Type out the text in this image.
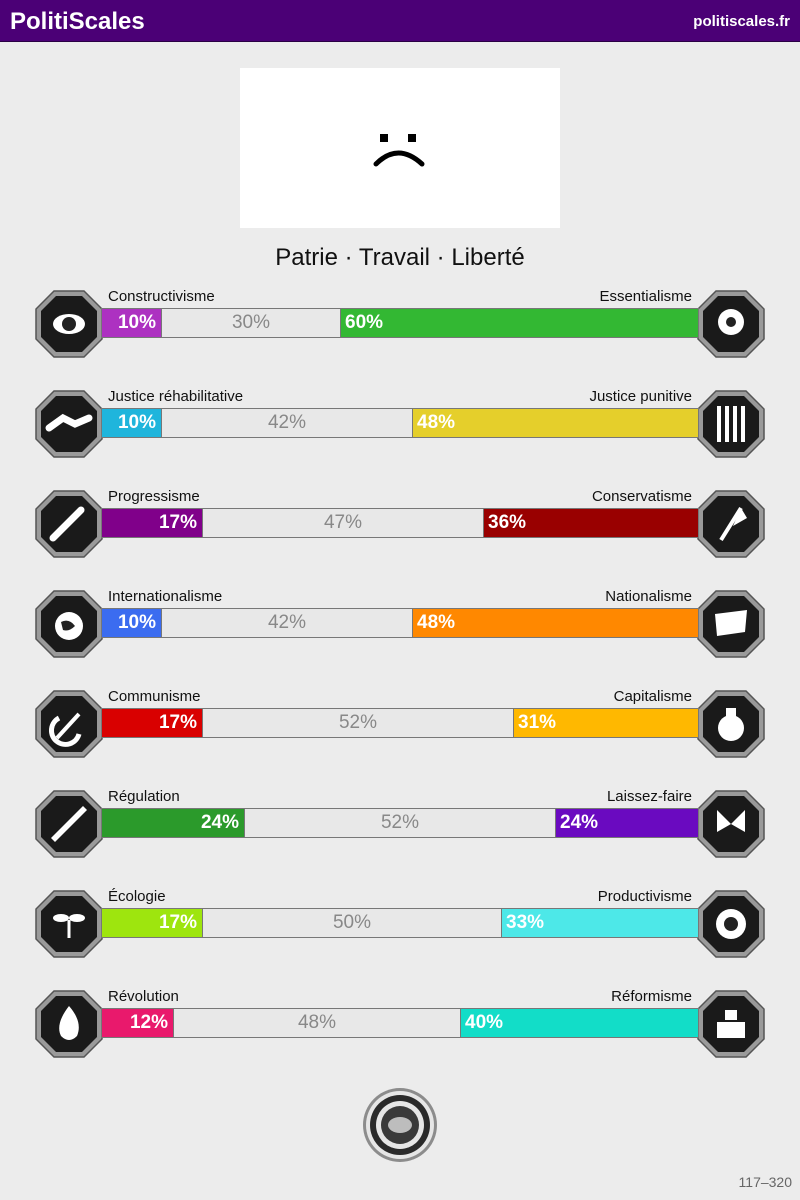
PolitiScales	politiscales.fr
Patrie · Travail · Liberté
Constructivisme	Essentialisme
10%	30%	60%
Justice réhabilitative	Justice punitive
10%	42%	48%
Progressisme	Conservatisme
17%	47%	36%
Internationalisme	Nationalisme
10%	42%	48%
Communisme	Capitalisme
17%	52%	31%
Régulation	Laissez-faire
24%	52%	24%
Écologie	Productivisme
17%	50%	33%
Révolution	Réformisme
12%	48%	40%
117–320
